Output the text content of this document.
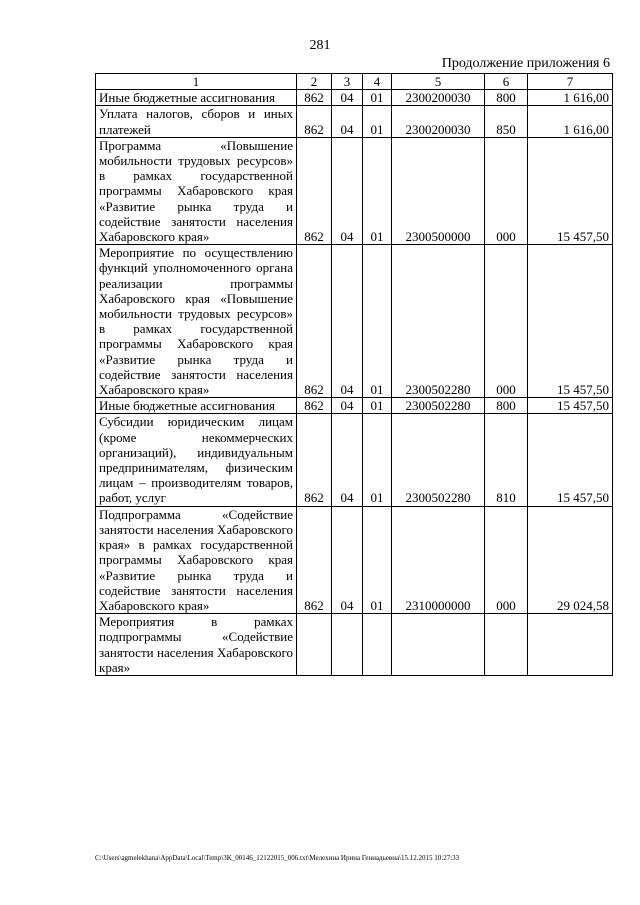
281
Продолжение приложения 6
1	2	3	4	5	6	7
Иные бюджетные ассигнования	862	04	01	2300200030	800	1 616,00
Уплата налогов, сборов и иных платежей	862	04	01	2300200030	850	1 616,00
Программа «Повышение мобильности трудовых ресурсов» в рамках государственной программы Хабаровского края «Развитие рынка труда и содействие занятости населения Хабаровского края»	862	04	01	2300500000	000	15 457,50
Мероприятие по осуществлению функций уполномоченного органа реализации программы Хабаровского края «Повышение мобильности трудовых ресурсов» в рамках государственной программы Хабаровского края «Развитие рынка труда и содействие занятости населения Хабаровского края»	862	04	01	2300502280	000	15 457,50
Иные бюджетные ассигнования	862	04	01	2300502280	800	15 457,50
Субсидии юридическим лицам (кроме некоммерческих организаций), индивидуальным предпринимателям, физическим лицам – производителям товаров, работ, услуг	862	04	01	2300502280	810	15 457,50
Подпрограмма «Содействие занятости населения Хабаровского края» в рамках государственной программы Хабаровского края «Развитие рынка труда и содействие занятости населения Хабаровского края»	862	04	01	2310000000	000	29 024,58
Мероприятия в рамках подпрограммы «Содействие занятости населения Хабаровского края»						
C:\Users\agmelekhana\AppData\Local\Temp\3K_00146_12122015_006.txt\Мелехина Ирина Геннадьевна\15.12.2015 10:27:33
